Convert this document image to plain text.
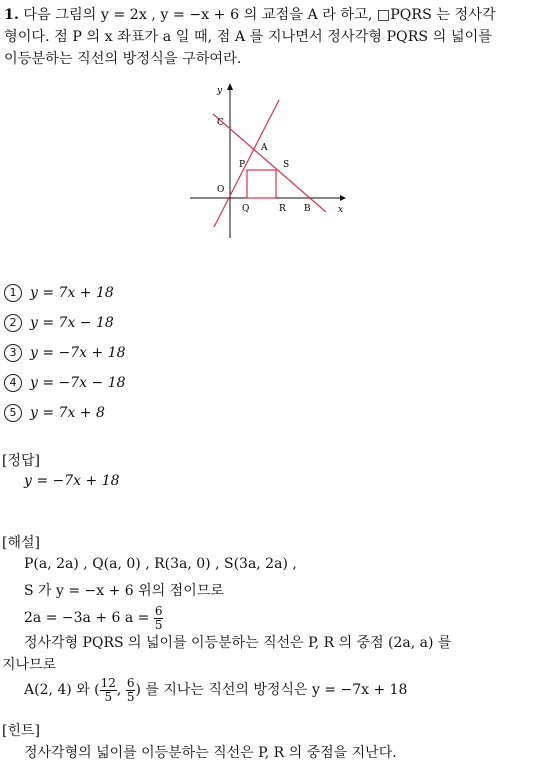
1. 다음 그림의 y = 2x , y = −x + 6 의 교점을 A 라 하고, □PQRS 는 정사각
형이다. 점 P 의 x 좌표가 a 일 때, 점 A 를 지나면서 정사각형 PQRS 의 넓이를
이등분하는 직선의 방정식을 구하여라.
y
x
C
A
P	S
O
Q	R B
1 y = 7x + 18
2 y = 7x − 18
3 y = −7x + 18
4 y = −7x − 18
5 y = 7x + 8
[정답]
y = −7x + 18
[해설]
P(a, 2a) , Q(a, 0) , R(3a, 0) , S(3a, 2a) ,
S 가 y = −x + 6 위의 점이므로
2a = −3a + 6 $a = \frac{6}{5}$
정사각형 PQRS 의 넓이를 이등분하는 직선은 P, R 의 중점 (2a, a) 를
지나므로
A(2, 4) 와 ( $\frac{12}{5}$ , $\frac{6}{5}$ ) 를 지나는 직선의 방정식은 y = −7x + 18
[힌트]
정사각형의 넓이를 이등분하는 직선은 P, R 의 중점을 지난다.
